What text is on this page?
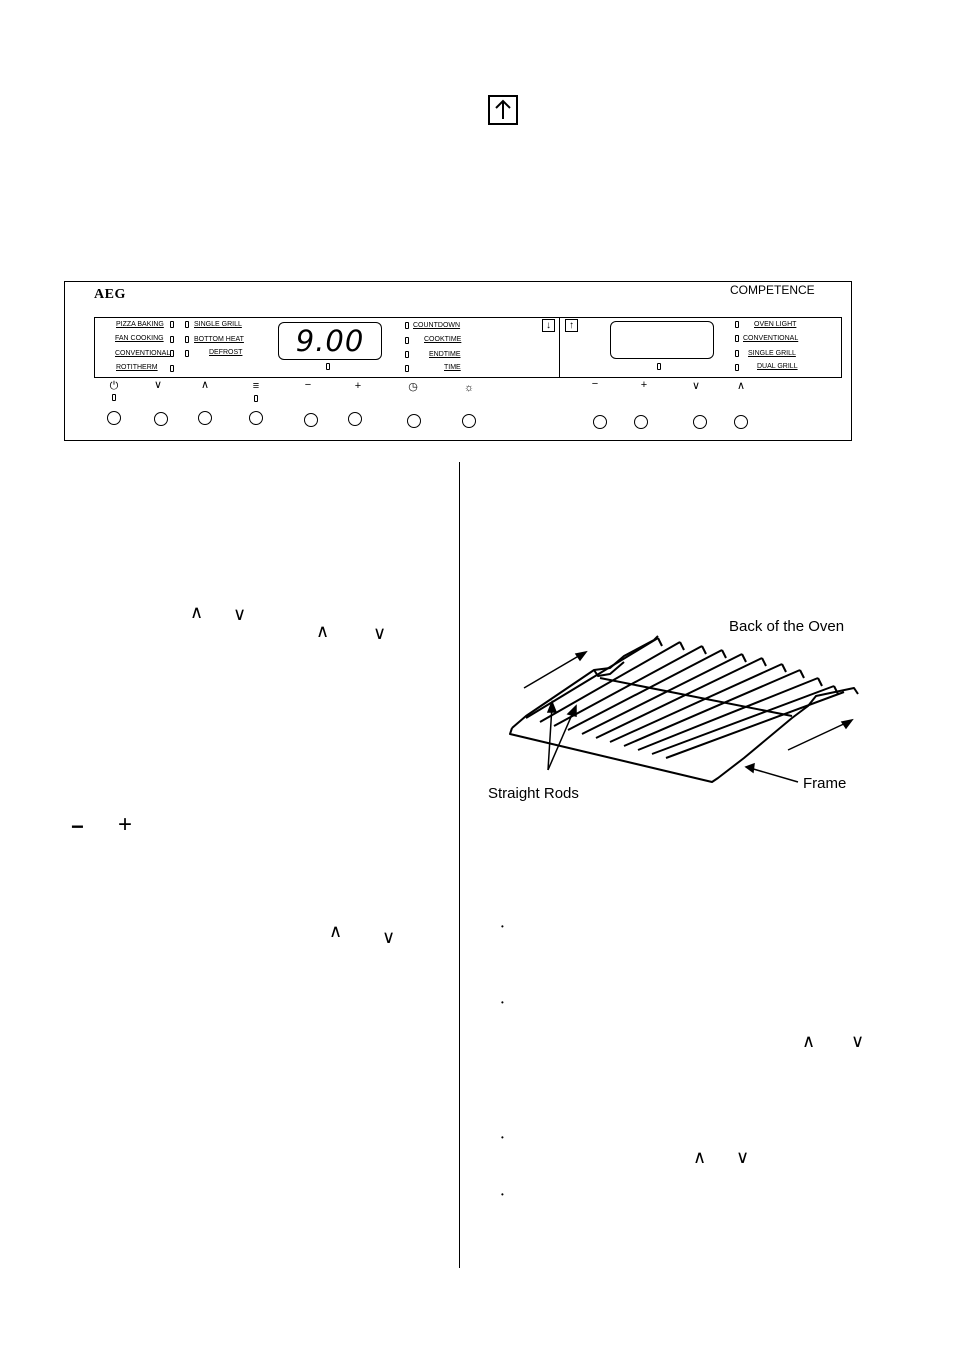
AEG	COMPETENCE
PIZZA BAKING
FAN COOKING
CONVENTIONAL
ROTITHERM
SINGLE GRILL
BOTTOM HEAT
DEFROST	9.00	COUNTDOWN
COOKTIME
ENDTIME
TIME
↓	↑	OVEN LIGHT
CONVENTIONAL
SINGLE GRILL
DUAL GRILL
⏻	∨	∧	≡	−	+	◷	☼	−	+	∨	∧
∧ ∨
∧ ∨
− +
∧ ∨
Back of the Oven
Straight Rods
Frame
•
•
∧ ∨
•
∧ ∨
•
